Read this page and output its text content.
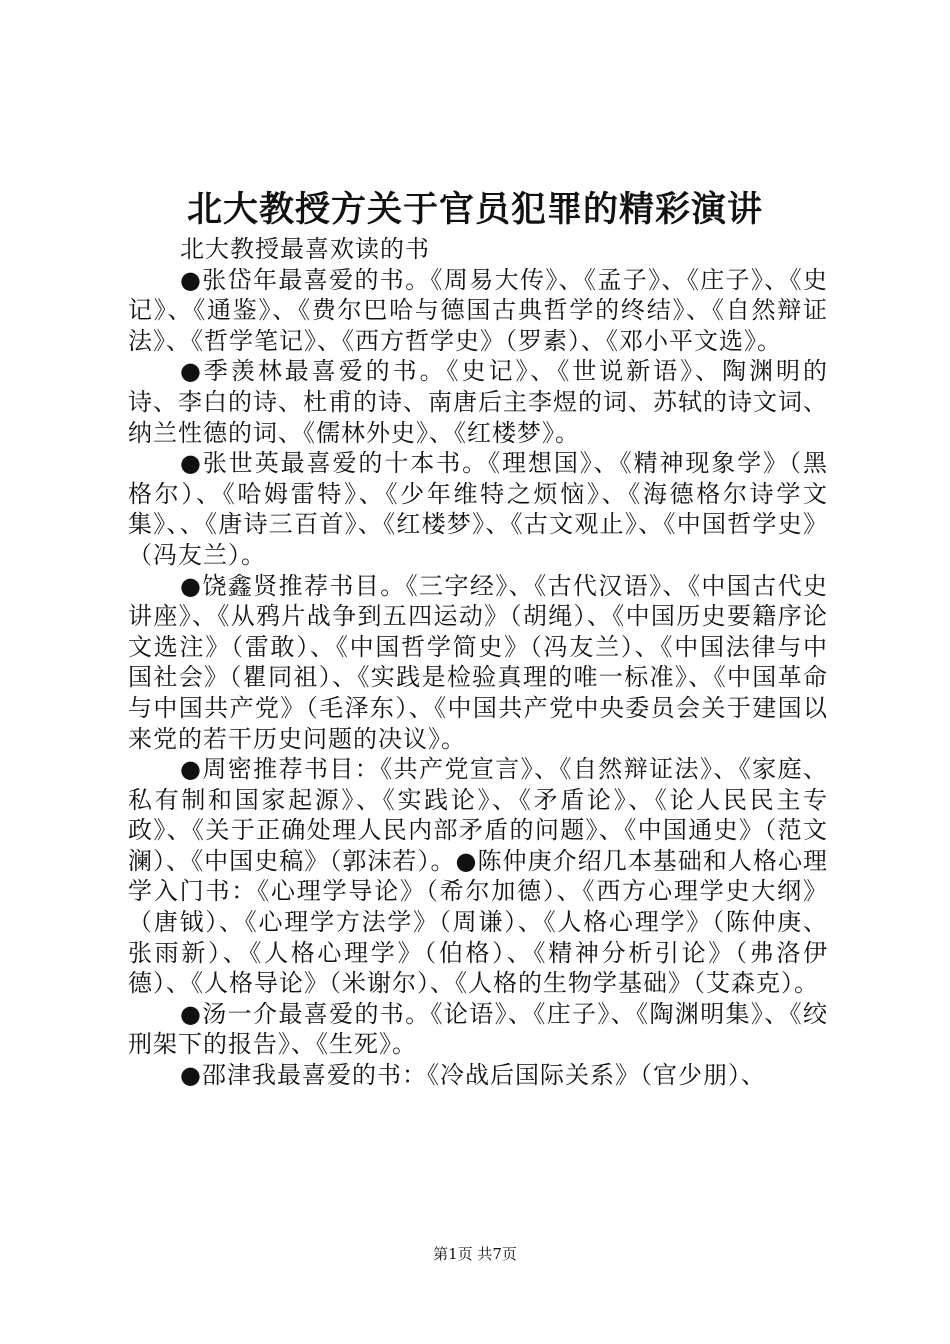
北大教授方关于官员犯罪的精彩演讲

北大教授最喜欢读的书

●张岱年最喜爱的书。《周易大传》、《孟子》、《庄子》、《史记》、《通鉴》、《费尔巴哈与德国古典哲学的终结》、《自然辩证法》、《哲学笔记》、《西方哲学史》（罗素）、《邓小平文选》。

●季羡林最喜爱的书。《史记》、《世说新语》、陶渊明的诗、李白的诗、杜甫的诗、南唐后主李煜的词、苏轼的诗文词、纳兰性德的词、《儒林外史》、《红楼梦》。

●张世英最喜爱的十本书。《理想国》、《精神现象学》（黑格尔）、《哈姆雷特》、《少年维特之烦恼》、《海德格尔诗学文集》、、《唐诗三百首》、《红楼梦》、《古文观止》、《中国哲学史》（冯友兰）。

●饶鑫贤推荐书目。《三字经》、《古代汉语》、《中国古代史讲座》、《从鸦片战争到五四运动》（胡绳）、《中国历史要籍序论文选注》（雷敢）、《中国哲学简史》（冯友兰）、《中国法律与中国社会》（瞿同祖）、《实践是检验真理的唯一标准》、《中国革命与中国共产党》（毛泽东）、《中国共产党中央委员会关于建国以来党的若干历史问题的决议》。

●周密推荐书目：《共产党宣言》、《自然辩证法》、《家庭、私有制和国家起源》、《实践论》、《矛盾论》、《论人民民主专政》、《关于正确处理人民内部矛盾的问题》、《中国通史》（范文澜）、《中国史稿》（郭沫若）。●陈仲庚介绍几本基础和人格心理学入门书：《心理学导论》（希尔加德）、《西方心理学史大纲》（唐钺）、《心理学方法学》（周谦）、《人格心理学》（陈仲庚、张雨新）、《人格心理学》（伯格）、《精神分析引论》（弗洛伊德）、《人格导论》（米谢尔）、《人格的生物学基础》（艾森克）。

●汤一介最喜爱的书。《论语》、《庄子》、《陶渊明集》、《绞刑架下的报告》、《生死》。

●邵津我最喜爱的书：《冷战后国际关系》（官少朋）、

第1页 共7页
